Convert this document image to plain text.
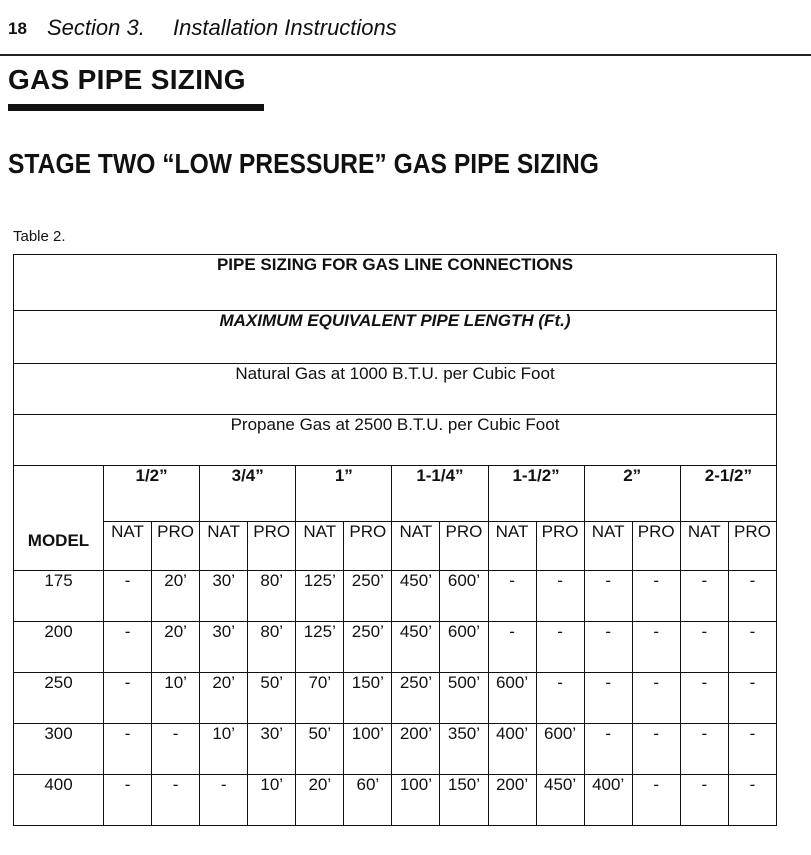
18 Section 3. Installation Instructions
GAS PIPE SIZING
STAGE TWO “LOW PRESSURE” GAS PIPE SIZING
Table 2.
PIPE SIZING FOR GAS LINE CONNECTIONS														
MAXIMUM EQUIVALENT PIPE LENGTH (Ft.)														
Natural Gas at 1000 B.T.U. per Cubic Foot														
Propane Gas at 2500 B.T.U. per Cubic Foot														
MODEL	1/2”		3/4”		1”		1-1/4”		1-1/2”		2”		2-1/2”	
	NAT	PRO	NAT	PRO	NAT	PRO	NAT	PRO	NAT	PRO	NAT	PRO	NAT	PRO
175	-	20’	30’	80’	125’	250’	450’	600’	-	-	-	-	-	-
200	-	20’	30’	80’	125’	250’	450’	600’	-	-	-	-	-	-
250	-	10’	20’	50’	70’	150’	250’	500’	600’	-	-	-	-	-
300	-	-	10’	30’	50’	100’	200’	350’	400’	600’	-	-	-	-
400	-	-	-	10’	20’	60’	100’	150’	200’	450’	400’	-	-	-
